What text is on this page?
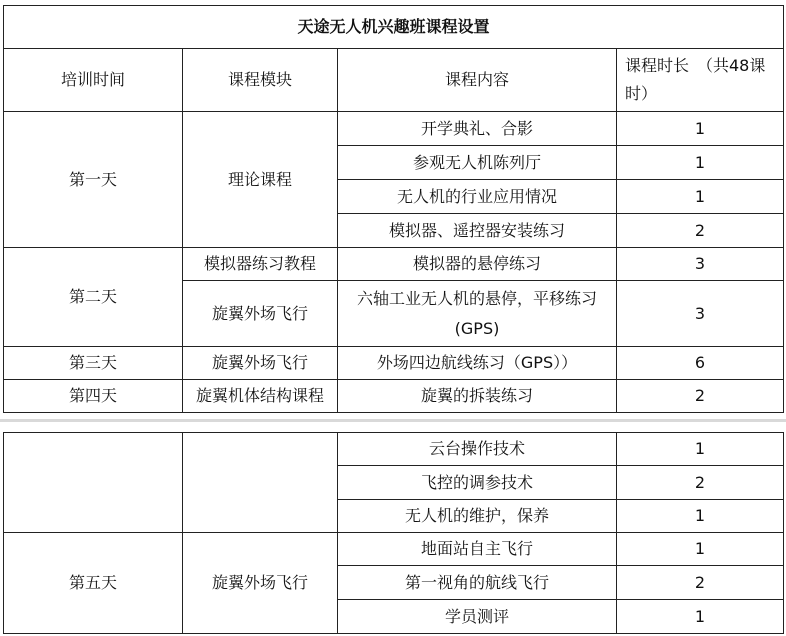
天途无人机兴趣班课程设置			
培训时间	课程模块	课程内容	课程时长　（共48课时）
第一天	理论课程	开学典礼、合影	1
		参观无人机陈列厅	1
		无人机的行业应用情况	1
		模拟器、遥控器安装练习	2
第二天	模拟器练习教程	模拟器的悬停练习	3
	旋翼外场飞行	六轴工业无人机的悬停，平移练习(GPS)	3
第三天	旋翼外场飞行	外场四边航线练习（GPS））	6
第四天	旋翼机体结构课程	旋翼的拆装练习	2
		云台操作技术	1
		飞控的调参技术	2
		无人机的维护，保养	1
第五天	旋翼外场飞行	地面站自主飞行	1
		第一视角的航线飞行	2
		学员测评	1
